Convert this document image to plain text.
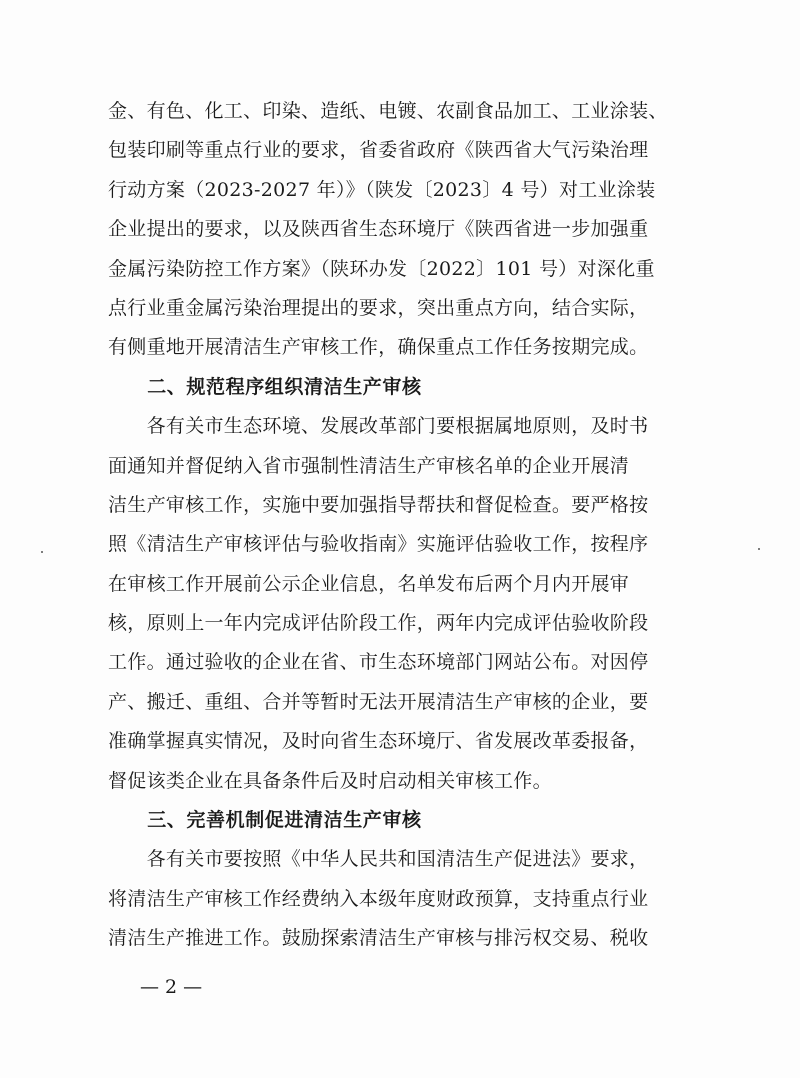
金、有色、化工、印染、造纸、电镀、农副食品加工、工业涂装、
包装印刷等重点行业的要求，省委省政府《陕西省大气污染治理
行动方案（2023-2027 年）》（陕发〔2023〕4 号）对工业涂装
企业提出的要求，以及陕西省生态环境厅《陕西省进一步加强重
金属污染防控工作方案》（陕环办发〔2022〕101 号）对深化重
点行业重金属污染治理提出的要求，突出重点方向，结合实际，
有侧重地开展清洁生产审核工作，确保重点工作任务按期完成。
　　二、规范程序组织清洁生产审核
　　各有关市生态环境、发展改革部门要根据属地原则，及时书
面通知并督促纳入省市强制性清洁生产审核名单的企业开展清
洁生产审核工作，实施中要加强指导帮扶和督促检查。要严格按
照《清洁生产审核评估与验收指南》实施评估验收工作，按程序
在审核工作开展前公示企业信息，名单发布后两个月内开展审
核，原则上一年内完成评估阶段工作，两年内完成评估验收阶段
工作。通过验收的企业在省、市生态环境部门网站公布。对因停
产、搬迁、重组、合并等暂时无法开展清洁生产审核的企业，要
准确掌握真实情况，及时向省生态环境厅、省发展改革委报备，
督促该类企业在具备条件后及时启动相关审核工作。
　　三、完善机制促进清洁生产审核
　　各有关市要按照《中华人民共和国清洁生产促进法》要求，
将清洁生产审核工作经费纳入本级年度财政预算，支持重点行业
清洁生产推进工作。鼓励探索清洁生产审核与排污权交易、税收
— 2 —
